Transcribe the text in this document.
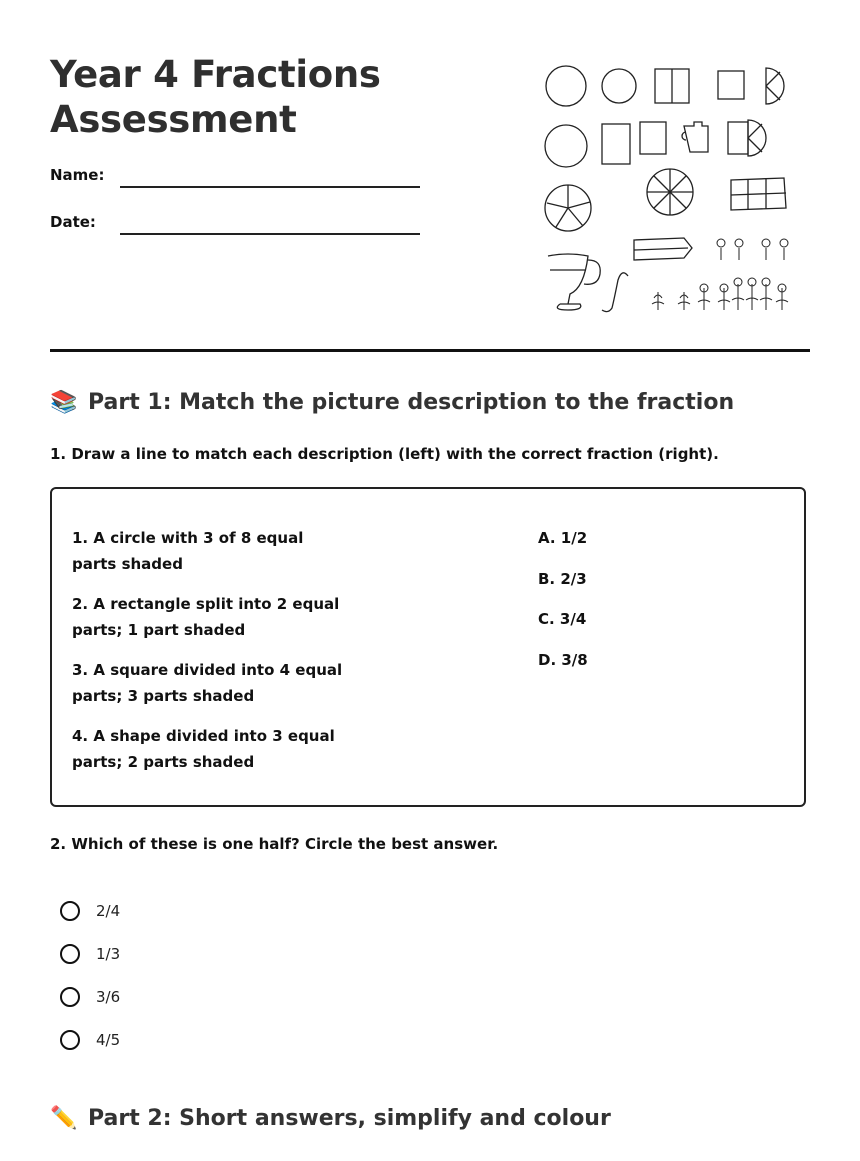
Year 4 Fractions
Assessment
Name:
Date:
📚 Part 1: Match the picture description to the fraction
1. Draw a line to match each description (left) with the correct fraction (right).
1. A circle with 3 of 8 equal parts shaded
2. A rectangle split into 2 equal parts; 1 part shaded
3. A square divided into 4 equal parts; 3 parts shaded
4. A shape divided into 3 equal parts; 2 parts shaded
A. 1/2
B. 2/3
C. 3/4
D. 3/8
2. Which of these is one half? Circle the best answer.
2/4
1/3
3/6
4/5
✏️ Part 2: Short answers, simplify and colour
